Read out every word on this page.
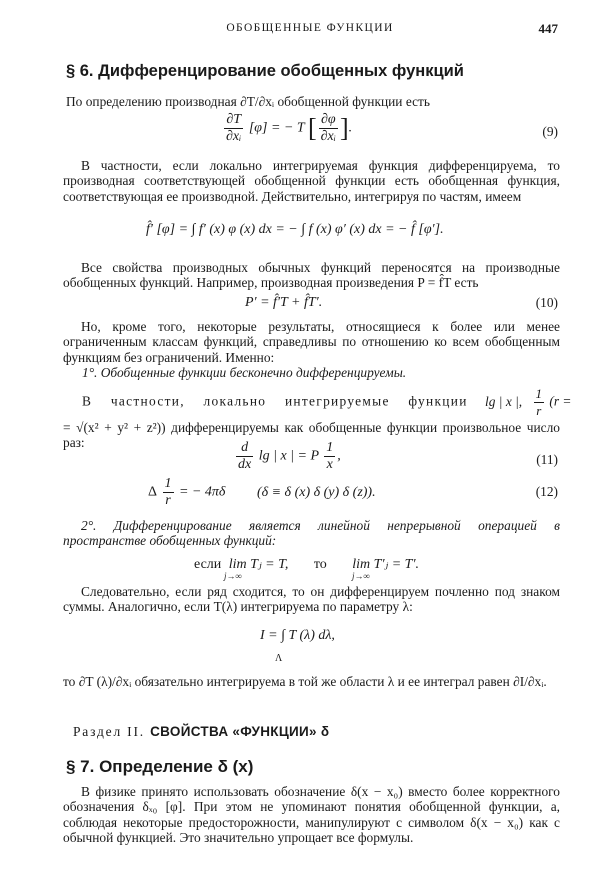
ОБОБЩЕННЫЕ ФУНКЦИИ	447
§ 6. Дифференцирование обобщенных функций
По определению производная ∂T/∂xᵢ обобщенной функции есть
$\frac{\partial T}{\text{∂xᵢ}} [\varphi]$ = − T [ $\frac{\partial\varphi}{\text{∂xᵢ}}$ ].	(9)
В частности, если локально интегрируемая функция дифференцируема, то производная соответствующей обобщенной функции есть обобщенная функция, соответствующая ее производной. Действительно, интегрируя по частям, имеем
f̂′ [φ] = ∫ f′ (x) φ (x) dx = − ∫ f (x) φ′ (x) dx = − f̂ [φ′].
Все свойства производных обычных функций переносятся на производные обобщенных функций. Например, производная произведения P = f̂T есть
P′ = f̂′T + f̂T′.	(10)
Но, кроме того, некоторые результаты, относящиеся к более или менее ограниченным классам функций, справедливы по отношению ко всем обобщенным функциям без ограничений. Именно:
1°. Обобщенные функции бесконечно дифференцируемы.
В частности, локально интегрируемые функции lg | x |, $\frac{1}{r} (r$ =
= √(x² + y² + z²)) дифференцируемы как обобщенные функции произвольное число раз:	$\frac{d}{dx}$ lg | x | = P $\frac{1}{x}$ ,	(11)
Δ $\frac{1}{r}$ = − 4πδ (δ ≡ δ (x) δ (y) δ (z)).	(12)
2°. Дифференцирование является линейной непрерывной операцией в пространстве обобщенных функций:
если lim Tⱼ = T, то lim T′ⱼ = T′.
j→∞	j→∞
Следовательно, если ряд сходится, то он дифференцируем почленно под знаком суммы. Аналогично, если T(λ) интегрируема по параметру λ:
I = ∫ T (λ) dλ,
Λ
то ∂T (λ)/∂xᵢ обязательно интегрируема в той же области λ и ее интеграл равен ∂I/∂xᵢ.
Раздел II. СВОЙСТВА «ФУНКЦИИ» δ
§ 7. Определение δ (x)
В физике принято использовать обозначение δ(x − x₀) вместо более корректного обозначения δₓ₀ [φ]. При этом не упоминают понятия обобщенной функции, а, соблюдая некоторые предосторожности, манипулируют с символом δ(x − x₀) как с обычной функцией. Это значительно упрощает все формулы.
